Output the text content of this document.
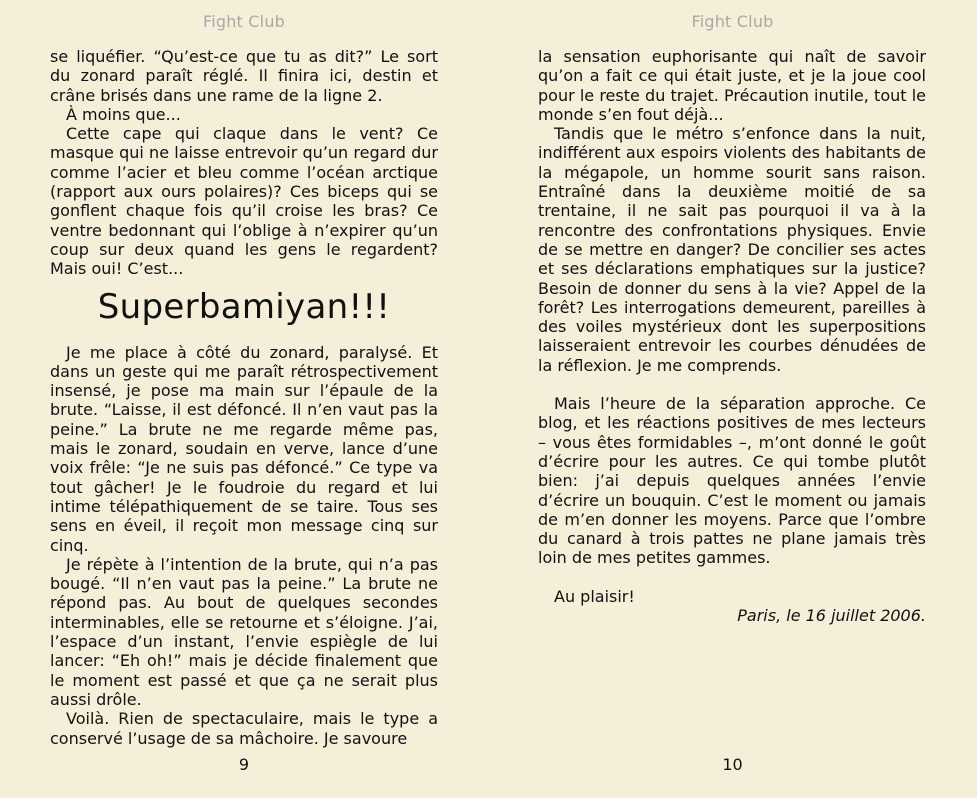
Fight Club

se liquéfier. “Qu’est-ce que tu as dit?” Le sort du zonard paraît réglé. Il finira ici, destin et crâne brisés dans une rame de la ligne 2.

À moins que...

Cette cape qui claque dans le vent? Ce masque qui ne laisse entrevoir qu’un regard dur comme l’acier et bleu comme l’océan arctique (rapport aux ours polaires)? Ces biceps qui se gonflent chaque fois qu’il croise les bras? Ce ventre bedonnant qui l’oblige à n’expirer qu’un coup sur deux quand les gens le regardent? Mais oui! C’est...

Superbamiyan!!!

Je me place à côté du zonard, paralysé. Et dans un geste qui me paraît rétrospectivement insensé, je pose ma main sur l’épaule de la brute. “Laisse, il est défoncé. Il n’en vaut pas la peine.” La brute ne me regarde même pas, mais le zonard, soudain en verve, lance d’une voix frêle: “Je ne suis pas défoncé.” Ce type va tout gâcher! Je le foudroie du regard et lui intime télépathiquement de se taire. Tous ses sens en éveil, il reçoit mon message cinq sur cinq.

Je répète à l’intention de la brute, qui n’a pas bougé. “Il n’en vaut pas la peine.” La brute ne répond pas. Au bout de quelques secondes interminables, elle se retourne et s’éloigne. J’ai, l’espace d’un instant, l’envie espiègle de lui lancer: “Eh oh!” mais je décide finalement que le moment est passé et que ça ne serait plus aussi drôle.

Voilà. Rien de spectaculaire, mais le type a conservé l’usage de sa mâchoire. Je savoure

9
Fight Club

la sensation euphorisante qui naît de savoir qu’on a fait ce qui était juste, et je la joue cool pour le reste du trajet. Précaution inutile, tout le monde s’en fout déjà...

Tandis que le métro s’enfonce dans la nuit, indifférent aux espoirs violents des habitants de la mégapole, un homme sourit sans raison. Entraîné dans la deuxième moitié de sa trentaine, il ne sait pas pourquoi il va à la rencontre des confrontations physiques. Envie de se mettre en danger? De concilier ses actes et ses déclarations emphatiques sur la justice? Besoin de donner du sens à la vie? Appel de la forêt? Les interrogations demeurent, pareilles à des voiles mystérieux dont les superpositions laisseraient entrevoir les courbes dénudées de la réflexion. Je me comprends.

Mais l’heure de la séparation approche. Ce blog, et les réactions positives de mes lecteurs – vous êtes formidables –, m’ont donné le goût d’écrire pour les autres. Ce qui tombe plutôt bien: j’ai depuis quelques années l’envie d’écrire un bouquin. C’est le moment ou jamais de m’en donner les moyens. Parce que l’ombre du canard à trois pattes ne plane jamais très loin de mes petites gammes.

Au plaisir!

Paris, le 16 juillet 2006.

10
